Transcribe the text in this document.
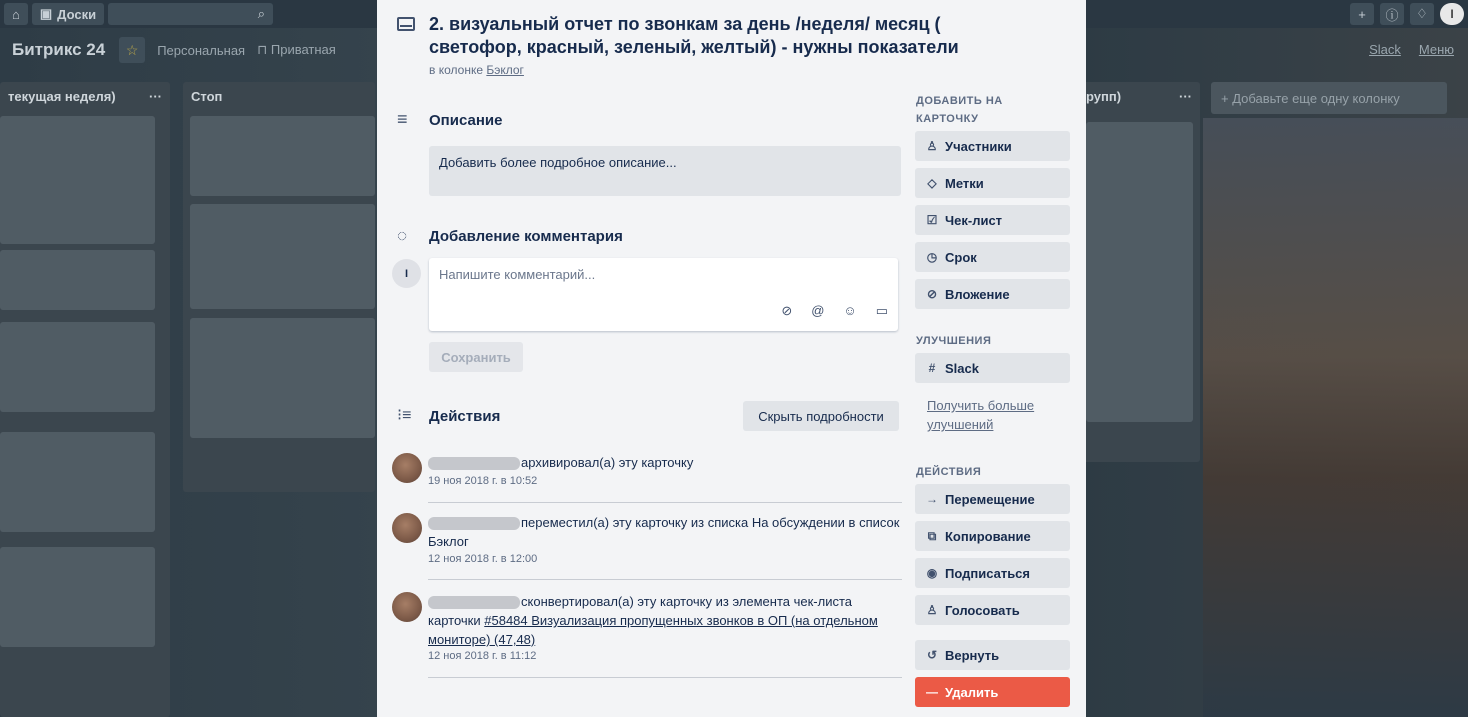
⌂ ▣ Доски	⌕	+	ⓘ	♢	I
Битрикс 24	☆	Персональная ⊓ Приватная	Slack Меню
текущая неделя)	··· Стоп	рупп)	···	+ Добавьте еще одну колонку
2. визуальный отчет по звонкам за день /неделя/ месяц ( светофор, красный, зеленый, желтый) - нужны показатели
в колонке Бэклог
≡ Описание
Добавить более подробное описание...
◌ Добавление комментария
I
Напишите комментарий...
⊘ @ ☺ ▭
Сохранить
⁝≡ Действия	Скрыть подробности
архивировал(а) эту карточку
19 ноя 2018 г. в 10:52
переместил(а) эту карточку из списка На обсуждении в список Бэклог
12 ноя 2018 г. в 12:00
сконвертировал(а) эту карточку из элемента чек-листа карточки #58484 Визуализация пропущенных звонков в ОП (на отдельном мониторе) (47,48)
12 ноя 2018 г. в 11:12
ДОБАВИТЬ НА КАРТОЧКУ
♙ Участники
◇ Метки
☑ Чек-лист
◷ Срок
⊘ Вложение
УЛУЧШЕНИЯ
# Slack
Получить больше улучшений
ДЕЙСТВИЯ
→ Перемещение
⧉ Копирование
◉ Подписаться
♙ Голосовать
↺ Вернуть
— Удалить
